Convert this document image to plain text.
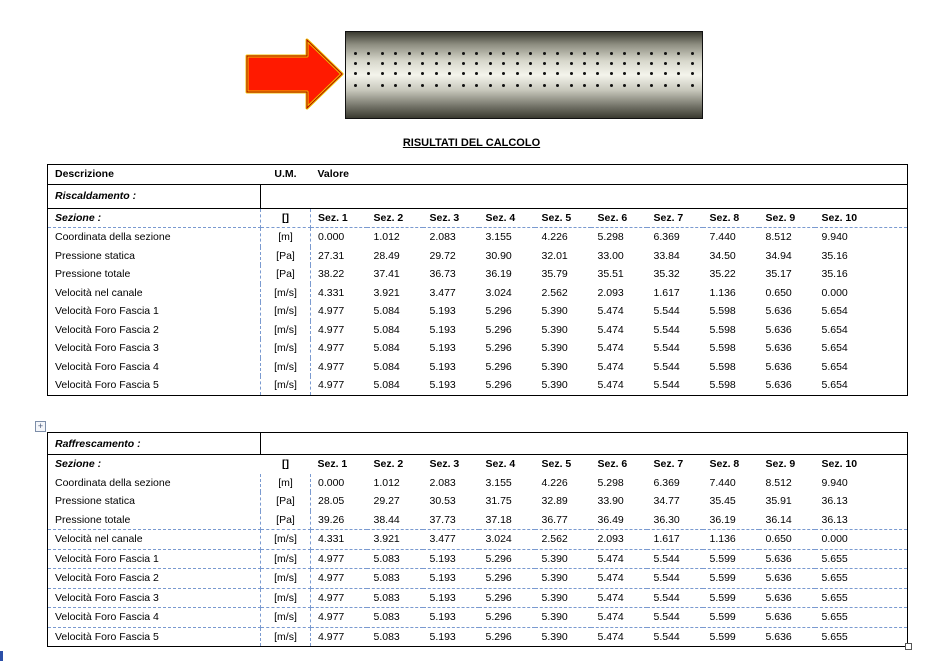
RISULTATI DEL CALCOLO
Descrizione	U.M.	Valore									
Riscaldamento :											
Sezione :	[]	Sez. 1	Sez. 2	Sez. 3	Sez. 4	Sez. 5	Sez. 6	Sez. 7	Sez. 8	Sez. 9	Sez. 10
Coordinata della sezione	[m]	0.000	1.012	2.083	3.155	4.226	5.298	6.369	7.440	8.512	9.940
Pressione statica	[Pa]	27.31	28.49	29.72	30.90	32.01	33.00	33.84	34.50	34.94	35.16
Pressione totale	[Pa]	38.22	37.41	36.73	36.19	35.79	35.51	35.32	35.22	35.17	35.16
Velocità nel canale	[m/s]	4.331	3.921	3.477	3.024	2.562	2.093	1.617	1.136	0.650	0.000
Velocità Foro Fascia 1	[m/s]	4.977	5.084	5.193	5.296	5.390	5.474	5.544	5.598	5.636	5.654
Velocità Foro Fascia 2	[m/s]	4.977	5.084	5.193	5.296	5.390	5.474	5.544	5.598	5.636	5.654
Velocità Foro Fascia 3	[m/s]	4.977	5.084	5.193	5.296	5.390	5.474	5.544	5.598	5.636	5.654
Velocità Foro Fascia 4	[m/s]	4.977	5.084	5.193	5.296	5.390	5.474	5.544	5.598	5.636	5.654
Velocità Foro Fascia 5	[m/s]	4.977	5.084	5.193	5.296	5.390	5.474	5.544	5.598	5.636	5.654
+
Raffrescamento :											
Sezione :	[]	Sez. 1	Sez. 2	Sez. 3	Sez. 4	Sez. 5	Sez. 6	Sez. 7	Sez. 8	Sez. 9	Sez. 10
Coordinata della sezione	[m]	0.000	1.012	2.083	3.155	4.226	5.298	6.369	7.440	8.512	9.940
Pressione statica	[Pa]	28.05	29.27	30.53	31.75	32.89	33.90	34.77	35.45	35.91	36.13
Pressione totale	[Pa]	39.26	38.44	37.73	37.18	36.77	36.49	36.30	36.19	36.14	36.13
Velocità nel canale	[m/s]	4.331	3.921	3.477	3.024	2.562	2.093	1.617	1.136	0.650	0.000
Velocità Foro Fascia 1	[m/s]	4.977	5.083	5.193	5.296	5.390	5.474	5.544	5.599	5.636	5.655
Velocità Foro Fascia 2	[m/s]	4.977	5.083	5.193	5.296	5.390	5.474	5.544	5.599	5.636	5.655
Velocità Foro Fascia 3	[m/s]	4.977	5.083	5.193	5.296	5.390	5.474	5.544	5.599	5.636	5.655
Velocità Foro Fascia 4	[m/s]	4.977	5.083	5.193	5.296	5.390	5.474	5.544	5.599	5.636	5.655
Velocità Foro Fascia 5	[m/s]	4.977	5.083	5.193	5.296	5.390	5.474	5.544	5.599	5.636	5.655
